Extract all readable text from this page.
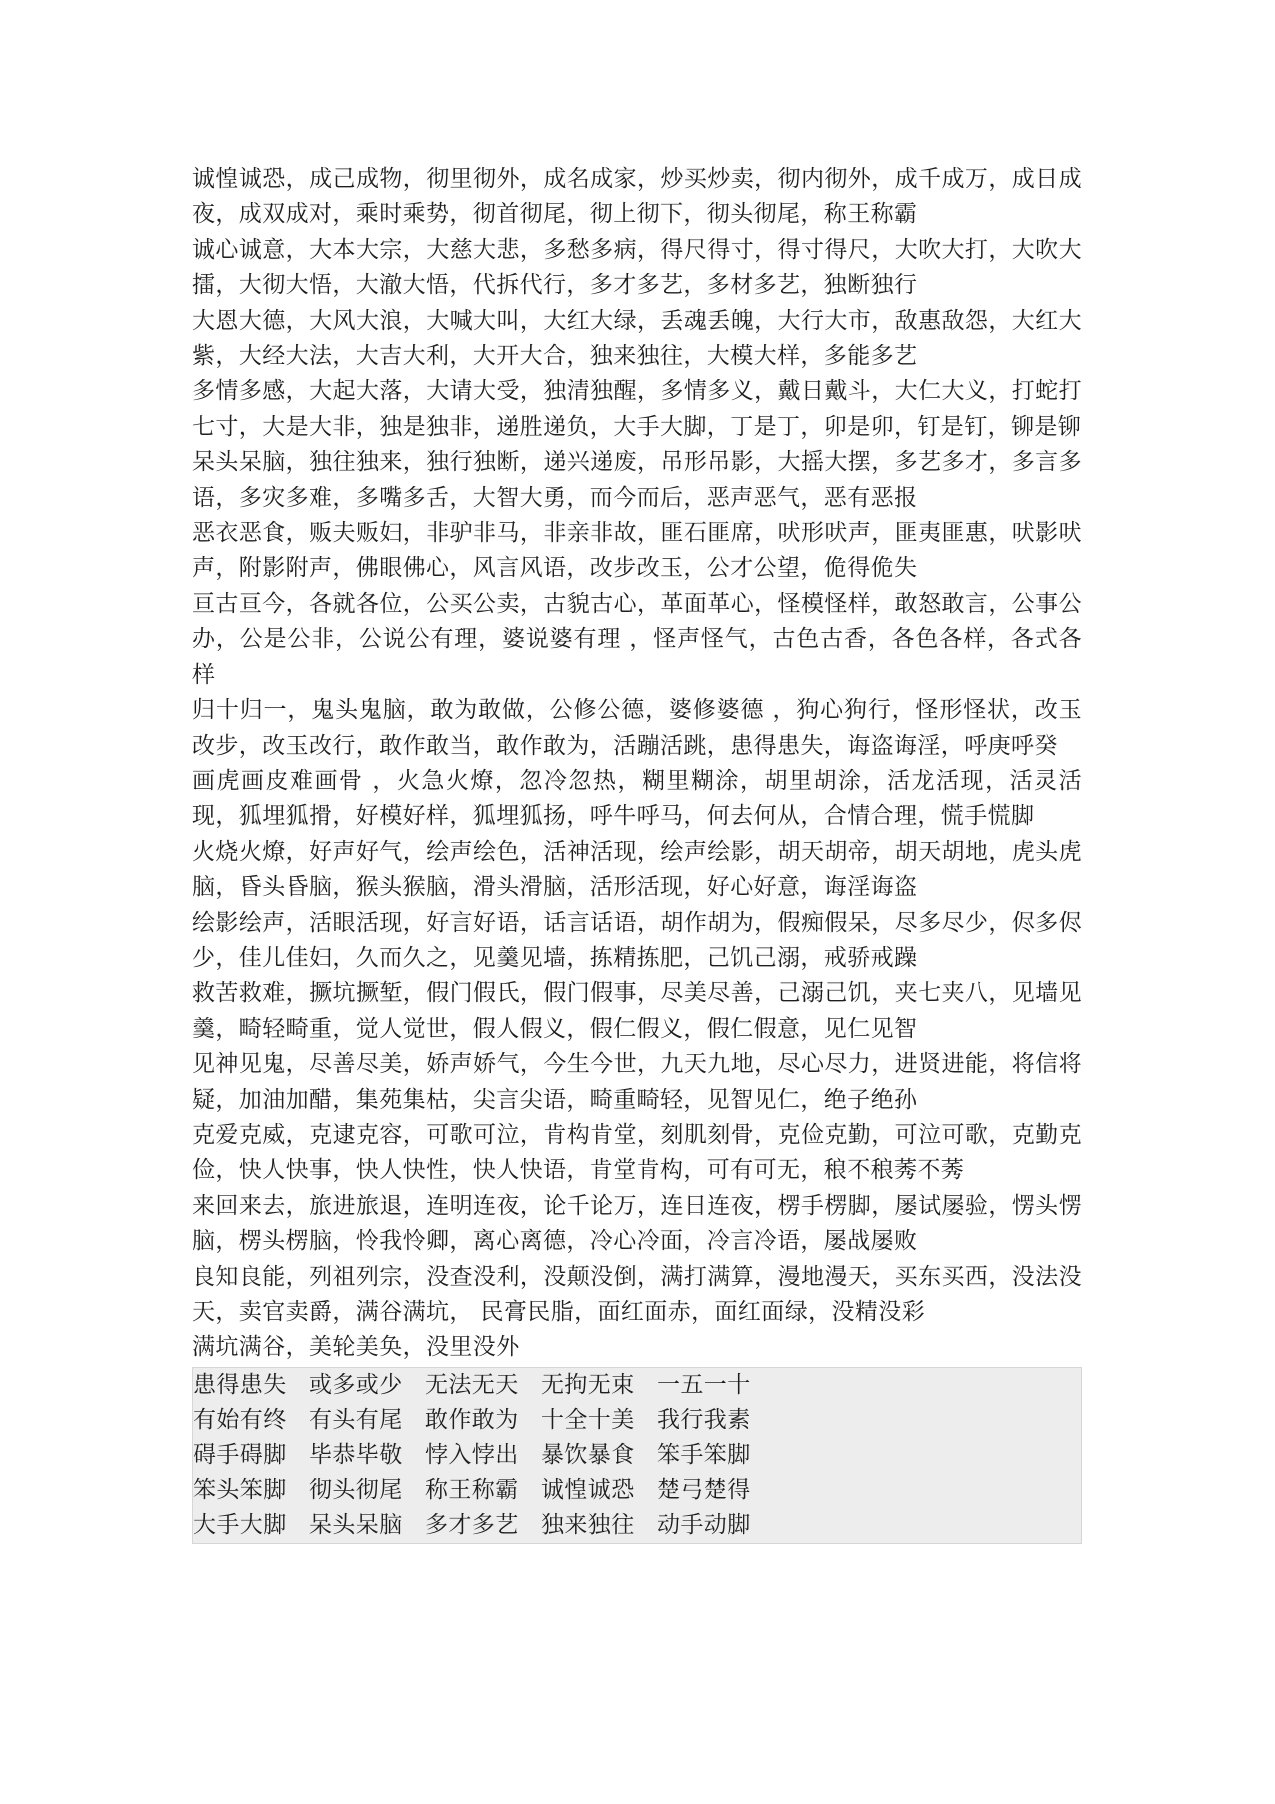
诚惶诚恐，成己成物，彻里彻外，成名成家，炒买炒卖，彻内彻外，成千成万，成日成夜，成双成对，乘时乘势，彻首彻尾，彻上彻下，彻头彻尾，称王称霸

诚心诚意，大本大宗，大慈大悲，多愁多病，得尺得寸，得寸得尺，大吹大打，大吹大擂，大彻大悟，大澈大悟，代拆代行，多才多艺，多材多艺，独断独行

大恩大德，大风大浪，大喊大叫，大红大绿，丢魂丢魄，大行大市，敌惠敌怨，大红大紫，大经大法，大吉大利，大开大合，独来独往，大模大样，多能多艺

多情多感，大起大落，大请大受，独清独醒，多情多义，戴日戴斗，大仁大义，打蛇打七寸，大是大非，独是独非，递胜递负，大手大脚，丁是丁，卯是卯，钉是钉，铆是铆

呆头呆脑，独往独来，独行独断，递兴递废，吊形吊影，大摇大摆，多艺多才，多言多语，多灾多难，多嘴多舌，大智大勇，而今而后，恶声恶气，恶有恶报

恶衣恶食，贩夫贩妇，非驴非马，非亲非故，匪石匪席，吠形吠声，匪夷匪惠，吠影吠声，附影附声，佛眼佛心，风言风语，改步改玉，公才公望，佹得佹失

亘古亘今，各就各位，公买公卖，古貌古心，革面革心，怪模怪样，敢怒敢言，公事公办，公是公非，公说公有理，婆说婆有理 ，怪声怪气，古色古香，各色各样，各式各样

归十归一，鬼头鬼脑，敢为敢做，公修公德，婆修婆德 ，狗心狗行，怪形怪状，改玉改步，改玉改行，敢作敢当，敢作敢为，活蹦活跳，患得患失，诲盗诲淫，呼庚呼癸

画虎画皮难画骨 ，火急火燎，忽冷忽热，糊里糊涂，胡里胡涂，活龙活现，活灵活现，狐埋狐搰，好模好样，狐埋狐扬，呼牛呼马，何去何从，合情合理，慌手慌脚

火烧火燎，好声好气，绘声绘色，活神活现，绘声绘影，胡天胡帝，胡天胡地，虎头虎脑，昏头昏脑，猴头猴脑，滑头滑脑，活形活现，好心好意，诲淫诲盗

绘影绘声，活眼活现，好言好语，话言话语，胡作胡为，假痴假呆，尽多尽少，侭多侭少，佳儿佳妇，久而久之，见羹见墙，拣精拣肥，己饥己溺，戒骄戒躁

救苦救难，撅坑撅堑，假门假氏，假门假事，尽美尽善，己溺己饥，夹七夹八，见墙见羹，畸轻畸重，觉人觉世，假人假义，假仁假义，假仁假意，见仁见智

见神见鬼，尽善尽美，娇声娇气，今生今世，九天九地，尽心尽力，进贤进能，将信将疑，加油加醋，集苑集枯，尖言尖语，畸重畸轻，见智见仁，绝子绝孙

克爱克威，克逮克容，可歌可泣，肯构肯堂，刻肌刻骨，克俭克勤，可泣可歌，克勤克俭，快人快事，快人快性，快人快语，肯堂肯构，可有可无，稂不稂莠不莠

来回来去，旅进旅退，连明连夜，论千论万，连日连夜，楞手楞脚，屡试屡验，愣头愣脑，楞头楞脑，怜我怜卿，离心离德，冷心冷面，冷言冷语，屡战屡败

良知良能，列祖列宗，没查没利，没颠没倒，满打满算，漫地漫天，买东买西，没法没天，卖官卖爵，满谷满坑， 民膏民脂，面红面赤，面红面绿，没精没彩

满坑满谷，美轮美奂，没里没外

患得患失 或多或少 无法无天 无拘无束 一五一十
有始有终 有头有尾 敢作敢为 十全十美 我行我素
碍手碍脚 毕恭毕敬 悖入悖出 暴饮暴食 笨手笨脚
笨头笨脚 彻头彻尾 称王称霸 诚惶诚恐 楚弓楚得
大手大脚 呆头呆脑 多才多艺 独来独往 动手动脚
